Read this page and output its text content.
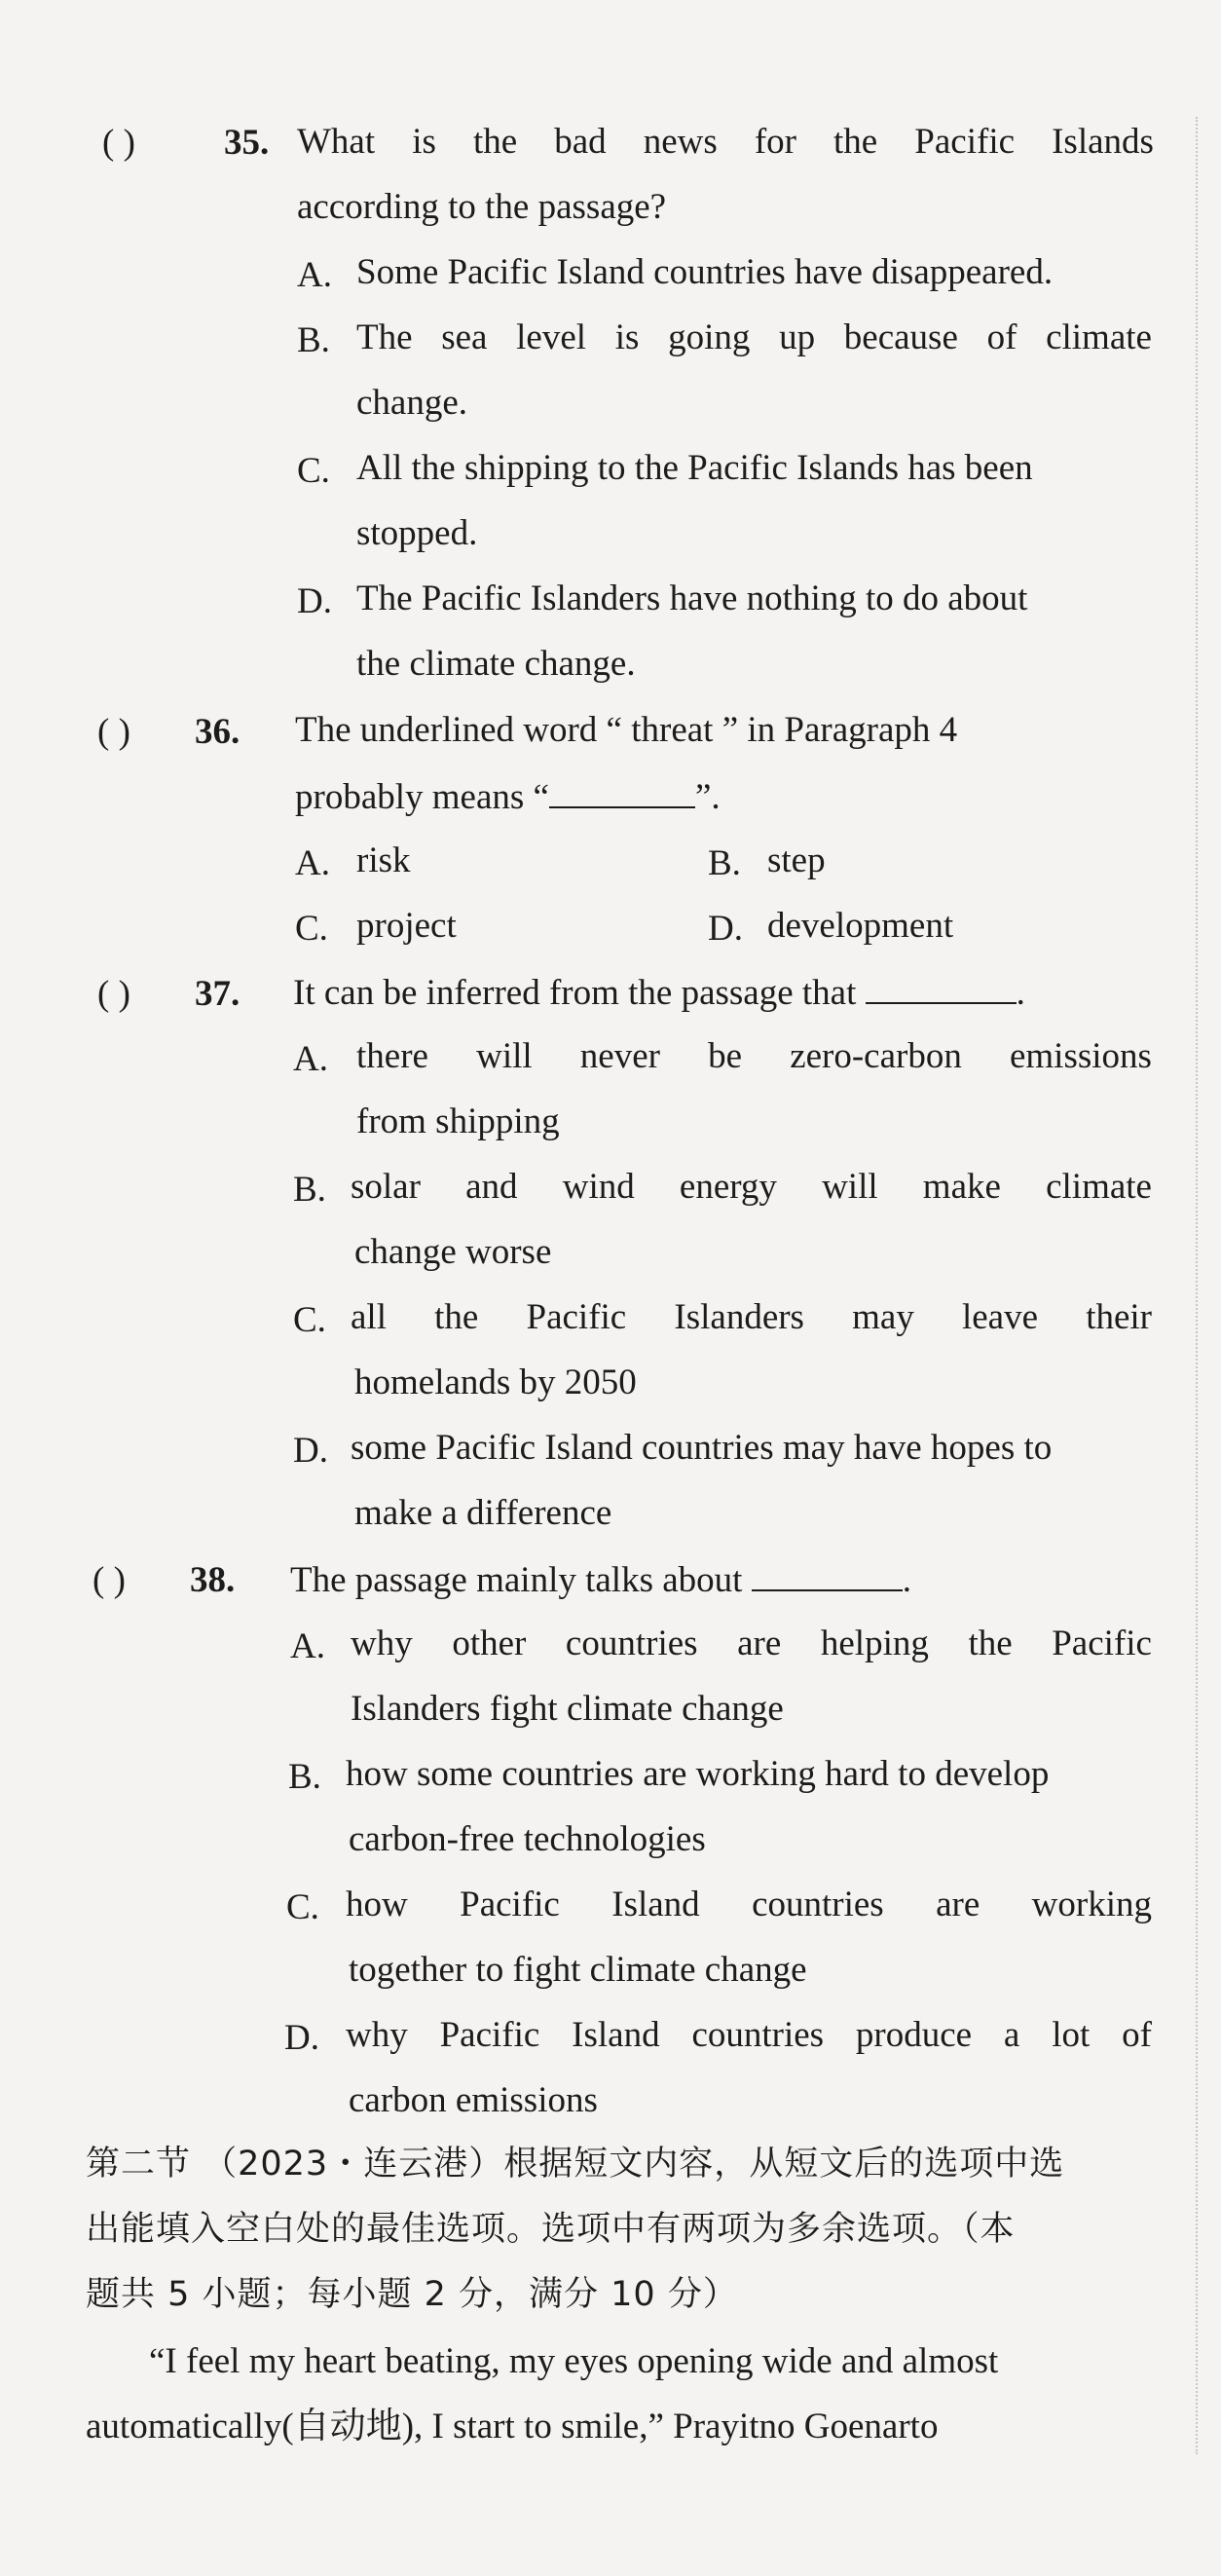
( ) 35. What is the bad news for the Pacific Islands
according to the passage?
A. Some Pacific Island countries have disappeared.
B. The sea level is going up because of climate
change.
C. All the shipping to the Pacific Islands has been
stopped.
D. The Pacific Islanders have nothing to do about
the climate change.
( ) 36. The underlined word “ threat ” in Paragraph 4
probably means “	”.
A. risk	B. step
C. project	D. development
( ) 37. It can be inferred from the passage that	.
A. there will never be zero-carbon emissions
from shipping
B. solar and wind energy will make climate
change worse
C. all the Pacific Islanders may leave their
homelands by 2050
D. some Pacific Island countries may have hopes to
make a difference
( ) 38. The passage mainly talks about	.
A. why other countries are helping the Pacific
Islanders fight climate change
B. how some countries are working hard to develop
carbon-free technologies
C. how Pacific Island countries are working
together to fight climate change
D. why Pacific Island countries produce a lot of
carbon emissions
第二节 （2023・连云港）根据短文内容，从短文后的选项中选
出能填入空白处的最佳选项。选项中有两项为多余选项。（本
题共 5 小题；每小题 2 分，满分 10 分）
“I feel my heart beating, my eyes opening wide and almost
automatically(自动地), I start to smile,” Prayitno Goenarto
